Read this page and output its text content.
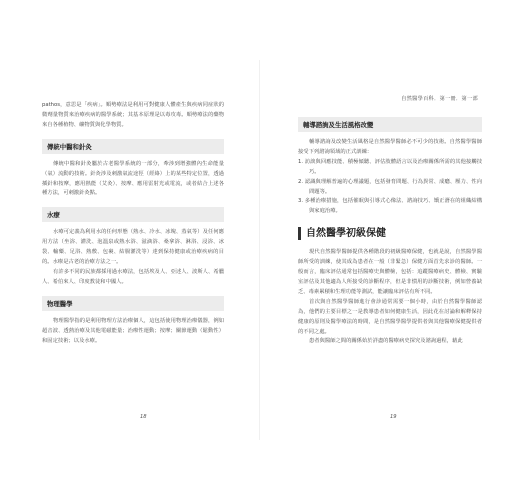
pathos，意思是「疾病」。順勢療法是利用可對健康人體產生與疾病同症狀的微劑量物質來治療疾病的醫學系統；其基本原理是以毒攻毒。順勢療法的藥物來自各種植物、礦物質與化學物質。

傳統中醫和針灸

傳統中醫和針灸屬於古老醫學系統的一部分，牽涉到增強體內生命能量（氣）流動的技術。針灸涉及刺激氣流途徑（經絡）上的某些特定位置，透過插針和按摩，應用熱能（艾灸）、按摩、應用雷射光或電流，或者結合上述各種方法，可刺激針灸點。

水療

水療可定義為利用水的任何形態（熱水、冷水、冰塊、蒸氣等）及任何應用方法（坐浴、灌洗、泡溫泉或熱水浴、滋滴浴、桑拿浴、淋浴、浸浴、冰袋、輸藥、足浴、熱敷、包裹、結腸灌洗等）達到保持健康或治療疾病的目的。水療是古老的治療方法之一。

有許多不同的民族都採用過水療法，包括埃及人、亞述人、波斯人、希臘人、希伯來人、印度教徒和中國人。

物理醫學

物理醫學指的是利用物理方法治療個人，這包括使用物理治療儀器，例如超音波、透熱治療及其他電磁能量；治療性運動；按摩；關節運動（鬆動性）和固定技術；以及水療。

18
自然醫學百科．第一冊．第一部
輔導諮詢及生活風格改變

輔導諮詢及改變生活風格是自然醫學醫師必不可少的技術。自然醫學醫師接受下列諮詢領域的正式訓練：

1. 訪談與回應技能、積極傾聽、評估肢體語言以及治療關係所需的其他接觸技巧。

2. 認識與理解普遍的心理議題，包括發育問題、行為異常、成癮、壓力、性向問題等。

3. 多種治療措施，包括催眠與引導式心像法、諮詢技巧、矯正潛在的組織結構與家庭治療。

自然醫學初級保健

現代自然醫學醫師提供各種階段的初級醫療保健，也就是說，自然醫學醫師所受的訓練，使其成為患者在一般（非緊急）保健方面首先求診的醫師。一般而言，臨床評估通常包括醫療史與體檢，包括：追蹤醫療病史、體檢、實驗室評估及其他適為人所接受的診斷程序，但是非慣用的診斷技術，例如營養缺乏、毒素累積和生理功能等測試，能讓臨床評估有所不同。

首次與自然醫學醫師進行會診通常需要一個小時，由於自然醫學醫師認為，他們的主要目標之一是教導患者如何健康生活，因此花在討論和解釋保持健康的原則及醫學療法的時間，是自然醫學醫學提供者與其他醫療保健提供者的不同之處。

患者與醫師之間的關係始於詳盡的醫療病史探究及諮詢過程，藉此

19
